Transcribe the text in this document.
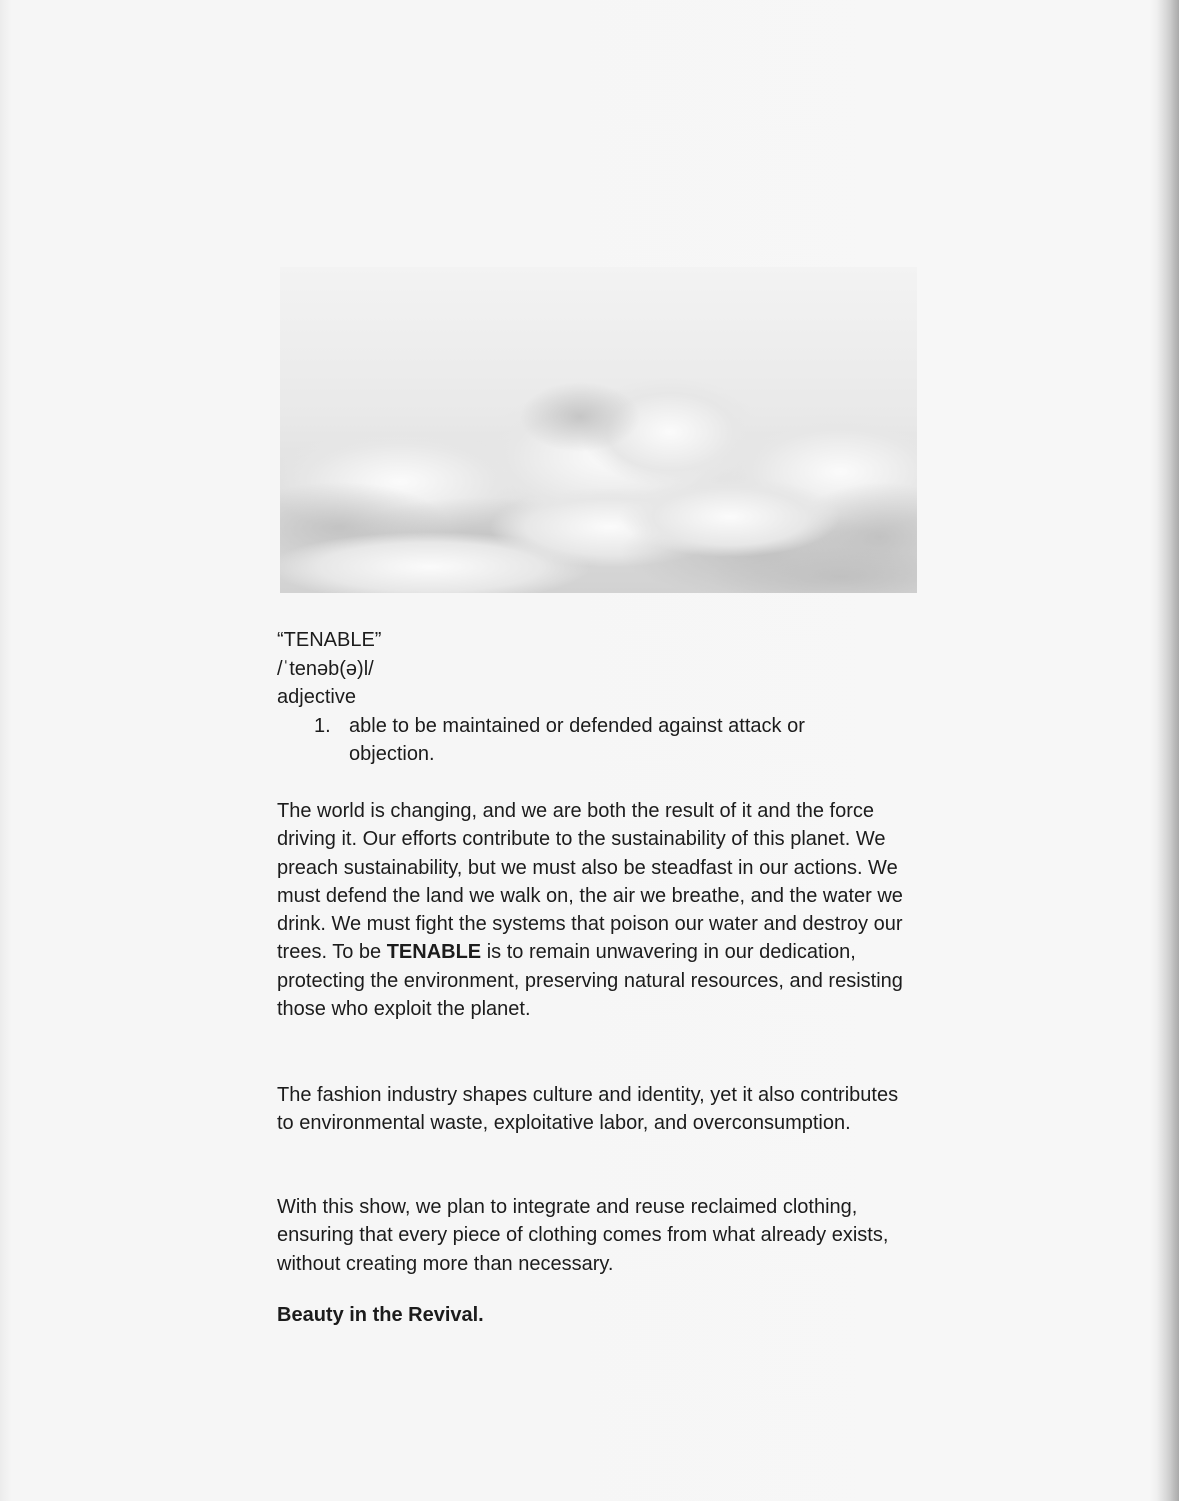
“TENABLE”
/ˈtenəb(ə)l/
adjective
1. able to be maintained or defended against attack or objection.
The world is changing, and we are both the result of it and the force driving it. Our efforts contribute to the sustainability of this planet. We preach sustainability, but we must also be steadfast in our actions. We must defend the land we walk on, the air we breathe, and the water we drink. We must fight the systems that poison our water and destroy our trees. To be TENABLE is to remain unwavering in our dedication, protecting the environment, preserving natural resources, and resisting those who exploit the planet.
The fashion industry shapes culture and identity, yet it also contributes to environmental waste, exploitative labor, and overconsumption.
With this show, we plan to integrate and reuse reclaimed clothing, ensuring that every piece of clothing comes from what already exists, without creating more than necessary.
Beauty in the Revival.
